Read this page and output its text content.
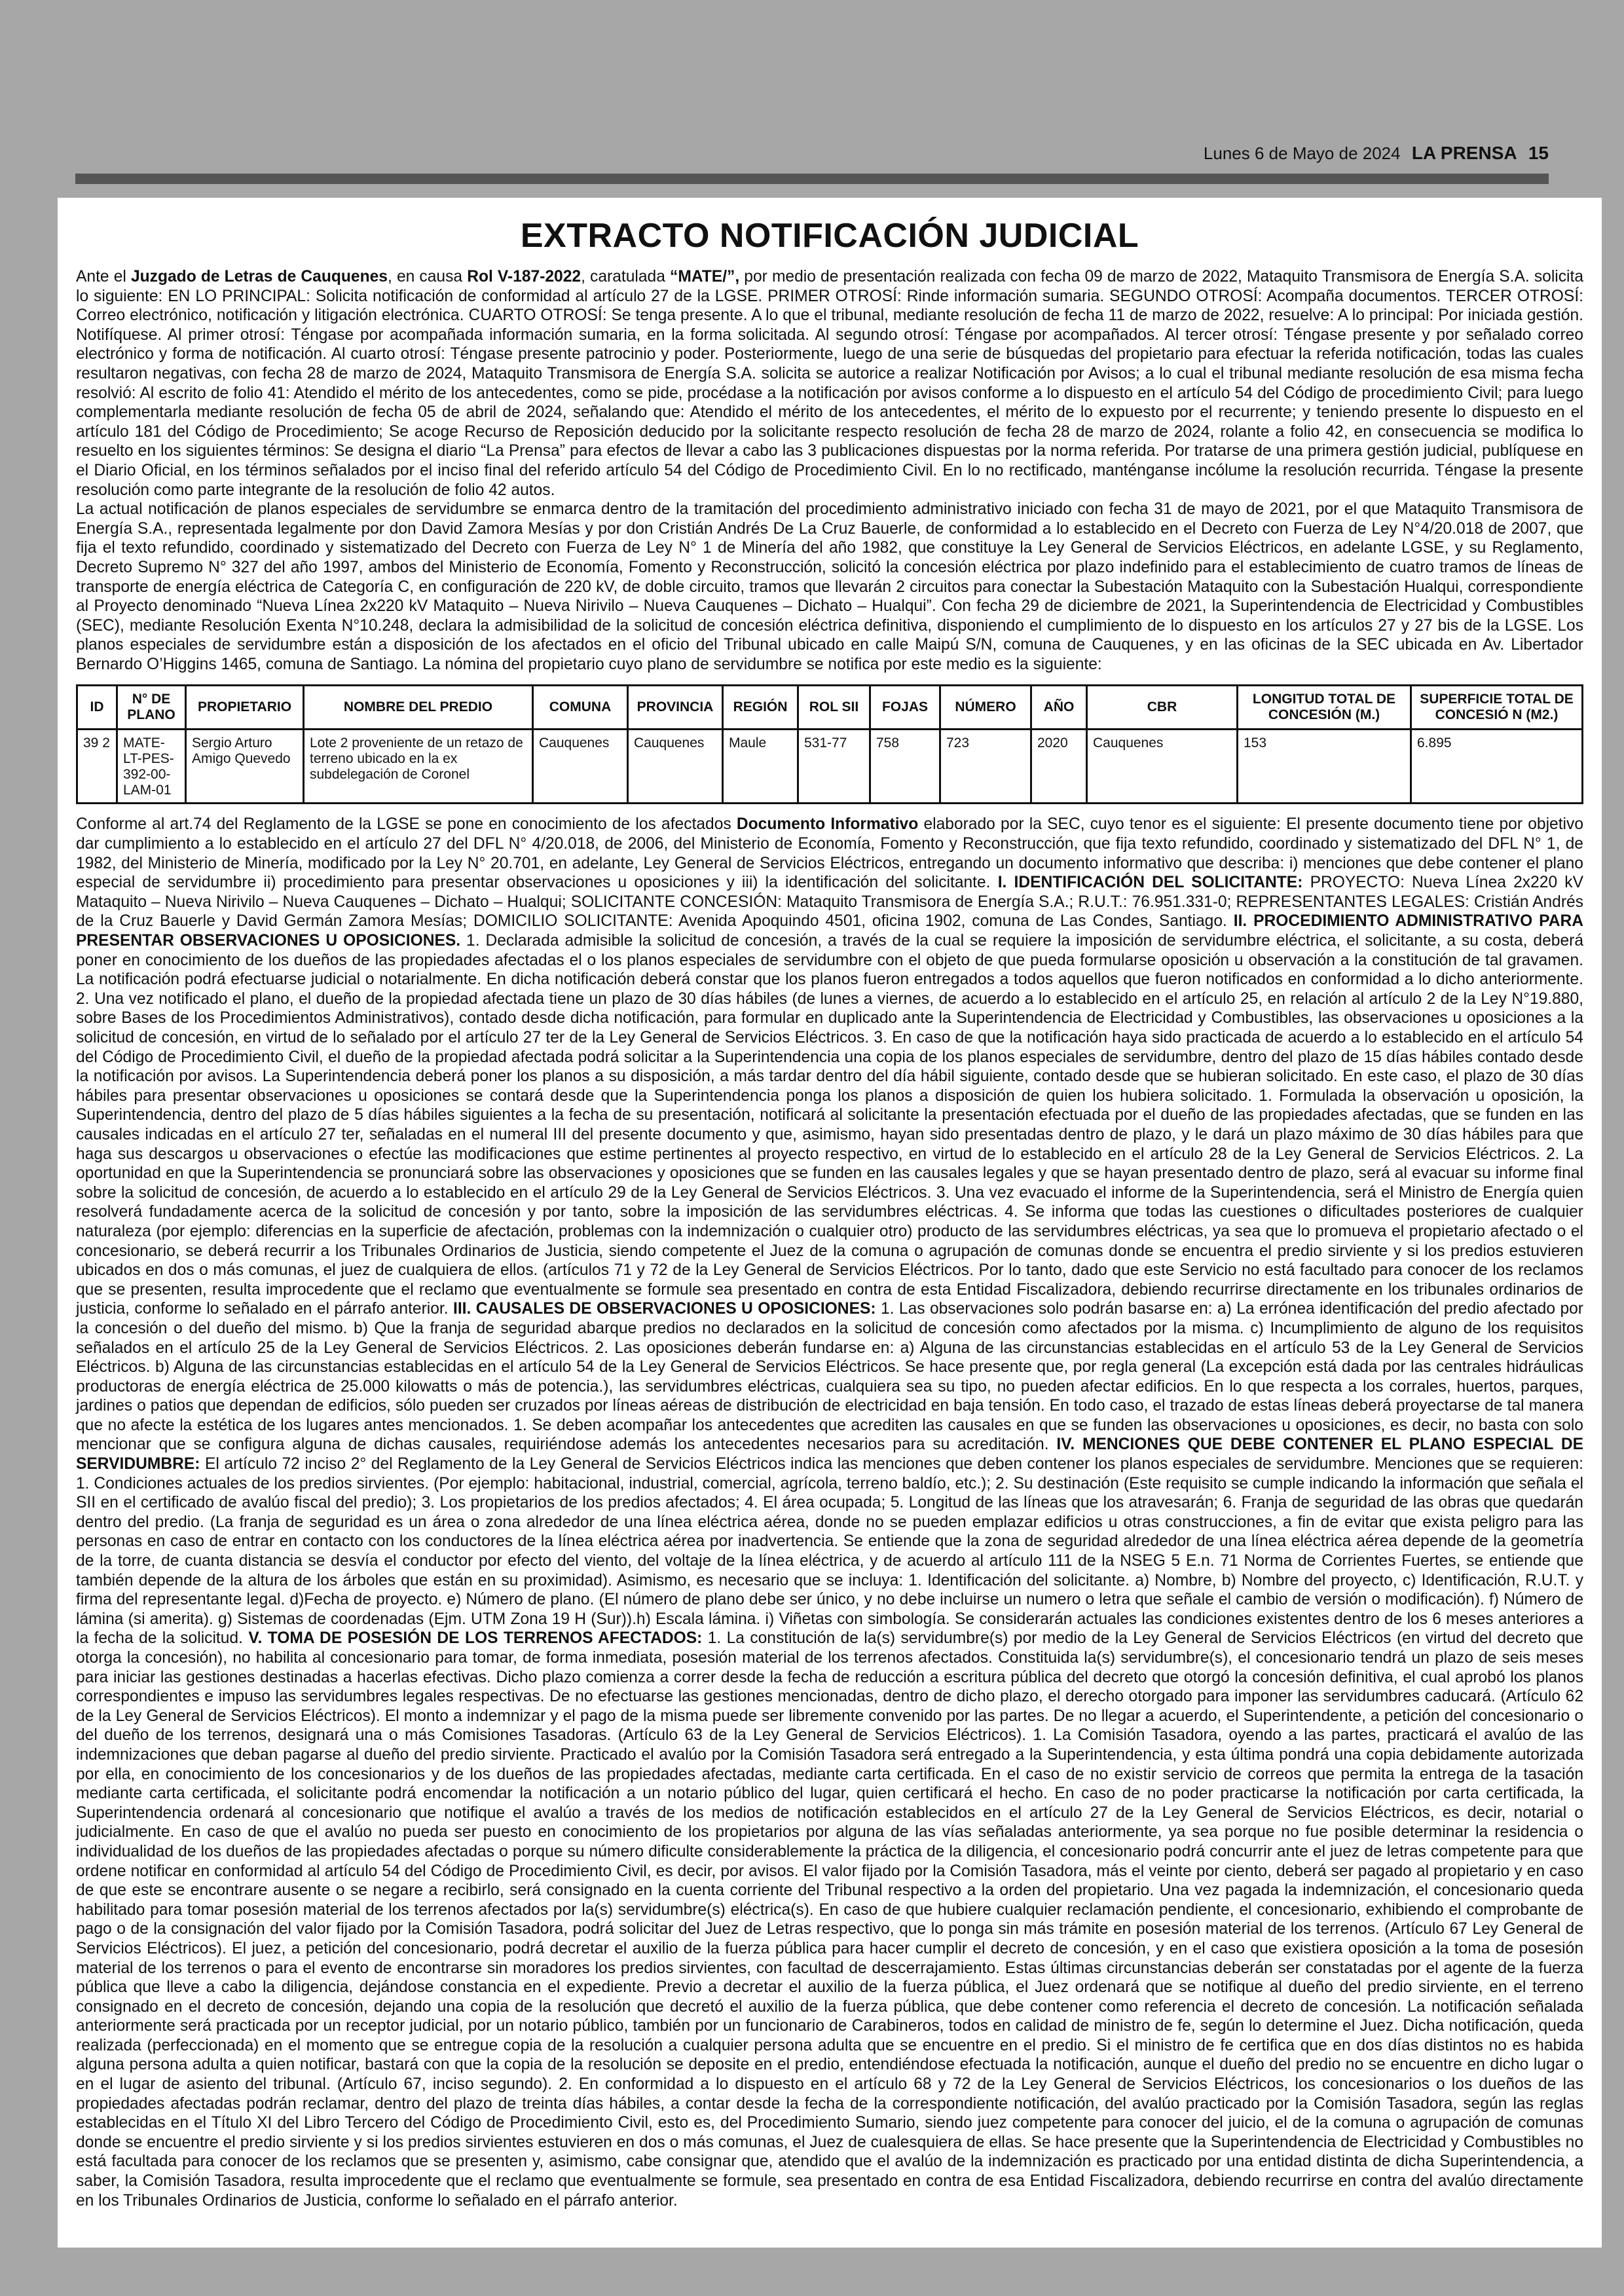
Lunes 6 de Mayo de 2024 LA PRENSA 15
EXTRACTO NOTIFICACIÓN JUDICIAL

Ante el Juzgado de Letras de Cauquenes, en causa Rol V-187-2022, caratulada “MATE/”, por medio de presentación realizada con fecha 09 de marzo de 2022, Mataquito Transmisora de Energía S.A. solicita lo siguiente: EN LO PRINCIPAL: Solicita notificación de conformidad al artículo 27 de la LGSE. PRIMER OTROSÍ: Rinde información sumaria. SEGUNDO OTROSÍ: Acompaña documentos. TERCER OTROSÍ: Correo electrónico, notificación y litigación electrónica. CUARTO OTROSÍ: Se tenga presente. A lo que el tribunal, mediante resolución de fecha 11 de marzo de 2022, resuelve: A lo principal: Por iniciada gestión. Notifíquese. Al primer otrosí: Téngase por acompañada información sumaria, en la forma solicitada. Al segundo otrosí: Téngase por acompañados. Al tercer otrosí: Téngase presente y por señalado correo electrónico y forma de notificación. Al cuarto otrosí: Téngase presente patrocinio y poder. Posteriormente, luego de una serie de búsquedas del propietario para efectuar la referida notificación, todas las cuales resultaron negativas, con fecha 28 de marzo de 2024, Mataquito Transmisora de Energía S.A. solicita se autorice a realizar Notificación por Avisos; a lo cual el tribunal mediante resolución de esa misma fecha resolvió: Al escrito de folio 41: Atendido el mérito de los antecedentes, como se pide, procédase a la notificación por avisos conforme a lo dispuesto en el artículo 54 del Código de procedimiento Civil; para luego complementarla mediante resolución de fecha 05 de abril de 2024, señalando que: Atendido el mérito de los antecedentes, el mérito de lo expuesto por el recurrente; y teniendo presente lo dispuesto en el artículo 181 del Código de Procedimiento; Se acoge Recurso de Reposición deducido por la solicitante respecto resolución de fecha 28 de marzo de 2024, rolante a folio 42, en consecuencia se modifica lo resuelto en los siguientes términos: Se designa el diario “La Prensa” para efectos de llevar a cabo las 3 publicaciones dispuestas por la norma referida. Por tratarse de una primera gestión judicial, publíquese en el Diario Oficial, en los términos señalados por el inciso final del referido artículo 54 del Código de Procedimiento Civil. En lo no rectificado, manténganse incólume la resolución recurrida. Téngase la presente resolución como parte integrante de la resolución de folio 42 autos.

La actual notificación de planos especiales de servidumbre se enmarca dentro de la tramitación del procedimiento administrativo iniciado con fecha 31 de mayo de 2021, por el que Mataquito Transmisora de Energía S.A., representada legalmente por don David Zamora Mesías y por don Cristián Andrés De La Cruz Bauerle, de conformidad a lo establecido en el Decreto con Fuerza de Ley N°4/20.018 de 2007, que fija el texto refundido, coordinado y sistematizado del Decreto con Fuerza de Ley N° 1 de Minería del año 1982, que constituye la Ley General de Servicios Eléctricos, en adelante LGSE, y su Reglamento, Decreto Supremo N° 327 del año 1997, ambos del Ministerio de Economía, Fomento y Reconstrucción, solicitó la concesión eléctrica por plazo indefinido para el establecimiento de cuatro tramos de líneas de transporte de energía eléctrica de Categoría C, en configuración de 220 kV, de doble circuito, tramos que llevarán 2 circuitos para conectar la Subestación Mataquito con la Subestación Hualqui, correspondiente al Proyecto denominado “Nueva Línea 2x220 kV Mataquito – Nueva Nirivilo – Nueva Cauquenes – Dichato – Hualqui”. Con fecha 29 de diciembre de 2021, la Superintendencia de Electricidad y Combustibles (SEC), mediante Resolución Exenta N°10.248, declara la admisibilidad de la solicitud de concesión eléctrica definitiva, disponiendo el cumplimiento de lo dispuesto en los artículos 27 y 27 bis de la LGSE. Los planos especiales de servidumbre están a disposición de los afectados en el oficio del Tribunal ubicado en calle Maipú S/N, comuna de Cauquenes, y en las oficinas de la SEC ubicada en Av. Libertador Bernardo O’Higgins 1465, comuna de Santiago. La nómina del propietario cuyo plano de servidumbre se notifica por este medio es la siguiente:

ID	N° DE PLANO	PROPIETARIO	NOMBRE DEL PREDIO	COMUNA	PROVINCIA	REGIÓN	ROL SII	FOJAS	NÚMERO	AÑO	CBR	LONGITUD TOTAL DE CONCESIÓN (M.)	SUPERFICIE TOTAL DE CONCESIÓ N (M2.)
39 2	MATE-LT-PES- 392-00-LAM-01	Sergio Arturo Amigo Quevedo	Lote 2 proveniente de un retazo de terreno ubicado en la ex subdelegación de Coronel	Cauquenes	Cauquenes	Maule	531-77	758	723	2020	Cauquenes	153	6.895

Conforme al art.74 del Reglamento de la LGSE se pone en conocimiento de los afectados Documento Informativo elaborado por la SEC, cuyo tenor es el siguiente: El presente documento tiene por objetivo dar cumplimiento a lo establecido en el artículo 27 del DFL N° 4/20.018, de 2006, del Ministerio de Economía, Fomento y Reconstrucción, que fija texto refundido, coordinado y sistematizado del DFL N° 1, de 1982, del Ministerio de Minería, modificado por la Ley N° 20.701, en adelante, Ley General de Servicios Eléctricos, entregando un documento informativo que describa: i) menciones que debe contener el plano especial de servidumbre ii) procedimiento para presentar observaciones u oposiciones y iii) la identificación del solicitante. I. IDENTIFICACIÓN DEL SOLICITANTE: PROYECTO: Nueva Línea 2x220 kV Mataquito – Nueva Nirivilo – Nueva Cauquenes – Dichato – Hualqui; SOLICITANTE CONCESIÓN: Mataquito Transmisora de Energía S.A.; R.U.T.: 76.951.331-0; REPRESENTANTES LEGALES: Cristián Andrés de la Cruz Bauerle y David Germán Zamora Mesías; DOMICILIO SOLICITANTE: Avenida Apoquindo 4501, oficina 1902, comuna de Las Condes, Santiago. II. PROCEDIMIENTO ADMINISTRATIVO PARA PRESENTAR OBSERVACIONES U OPOSICIONES. 1. Declarada admisible la solicitud de concesión, a través de la cual se requiere la imposición de servidumbre eléctrica, el solicitante, a su costa, deberá poner en conocimiento de los dueños de las propiedades afectadas el o los planos especiales de servidumbre con el objeto de que pueda formularse oposición u observación a la constitución de tal gravamen. La notificación podrá efectuarse judicial o notarialmente. En dicha notificación deberá constar que los planos fueron entregados a todos aquellos que fueron notificados en conformidad a lo dicho anteriormente. 2. Una vez notificado el plano, el dueño de la propiedad afectada tiene un plazo de 30 días hábiles (de lunes a viernes, de acuerdo a lo establecido en el artículo 25, en relación al artículo 2 de la Ley N°19.880, sobre Bases de los Procedimientos Administrativos), contado desde dicha notificación, para formular en duplicado ante la Superintendencia de Electricidad y Combustibles, las observaciones u oposiciones a la solicitud de concesión, en virtud de lo señalado por el artículo 27 ter de la Ley General de Servicios Eléctricos. 3. En caso de que la notificación haya sido practicada de acuerdo a lo establecido en el artículo 54 del Código de Procedimiento Civil, el dueño de la propiedad afectada podrá solicitar a la Superintendencia una copia de los planos especiales de servidumbre, dentro del plazo de 15 días hábiles contado desde la notificación por avisos. La Superintendencia deberá poner los planos a su disposición, a más tardar dentro del día hábil siguiente, contado desde que se hubieran solicitado. En este caso, el plazo de 30 días hábiles para presentar observaciones u oposiciones se contará desde que la Superintendencia ponga los planos a disposición de quien los hubiera solicitado. 1. Formulada la observación u oposición, la Superintendencia, dentro del plazo de 5 días hábiles siguientes a la fecha de su presentación, notificará al solicitante la presentación efectuada por el dueño de las propiedades afectadas, que se funden en las causales indicadas en el artículo 27 ter, señaladas en el numeral III del presente documento y que, asimismo, hayan sido presentadas dentro de plazo, y le dará un plazo máximo de 30 días hábiles para que haga sus descargos u observaciones o efectúe las modificaciones que estime pertinentes al proyecto respectivo, en virtud de lo establecido en el artículo 28 de la Ley General de Servicios Eléctricos. 2. La oportunidad en que la Superintendencia se pronunciará sobre las observaciones y oposiciones que se funden en las causales legales y que se hayan presentado dentro de plazo, será al evacuar su informe final sobre la solicitud de concesión, de acuerdo a lo establecido en el artículo 29 de la Ley General de Servicios Eléctricos. 3. Una vez evacuado el informe de la Superintendencia, será el Ministro de Energía quien resolverá fundadamente acerca de la solicitud de concesión y por tanto, sobre la imposición de las servidumbres eléctricas. 4. Se informa que todas las cuestiones o dificultades posteriores de cualquier naturaleza (por ejemplo: diferencias en la superficie de afectación, problemas con la indemnización o cualquier otro) producto de las servidumbres eléctricas, ya sea que lo promueva el propietario afectado o el concesionario, se deberá recurrir a los Tribunales Ordinarios de Justicia, siendo competente el Juez de la comuna o agrupación de comunas donde se encuentra el predio sirviente y si los predios estuvieren ubicados en dos o más comunas, el juez de cualquiera de ellos. (artículos 71 y 72 de la Ley General de Servicios Eléctricos. Por lo tanto, dado que este Servicio no está facultado para conocer de los reclamos que se presenten, resulta improcedente que el reclamo que eventualmente se formule sea presentado en contra de esta Entidad Fiscalizadora, debiendo recurrirse directamente en los tribunales ordinarios de justicia, conforme lo señalado en el párrafo anterior. III. CAUSALES DE OBSERVACIONES U OPOSICIONES: 1. Las observaciones solo podrán basarse en: a) La errónea identificación del predio afectado por la concesión o del dueño del mismo. b) Que la franja de seguridad abarque predios no declarados en la solicitud de concesión como afectados por la misma. c) Incumplimiento de alguno de los requisitos señalados en el artículo 25 de la Ley General de Servicios Eléctricos. 2. Las oposiciones deberán fundarse en: a) Alguna de las circunstancias establecidas en el artículo 53 de la Ley General de Servicios Eléctricos. b) Alguna de las circunstancias establecidas en el artículo 54 de la Ley General de Servicios Eléctricos. Se hace presente que, por regla general (La excepción está dada por las centrales hidráulicas productoras de energía eléctrica de 25.000 kilowatts o más de potencia.), las servidumbres eléctricas, cualquiera sea su tipo, no pueden afectar edificios. En lo que respecta a los corrales, huertos, parques, jardines o patios que dependan de edificios, sólo pueden ser cruzados por líneas aéreas de distribución de electricidad en baja tensión. En todo caso, el trazado de estas líneas deberá proyectarse de tal manera que no afecte la estética de los lugares antes mencionados. 1. Se deben acompañar los antecedentes que acrediten las causales en que se funden las observaciones u oposiciones, es decir, no basta con solo mencionar que se configura alguna de dichas causales, requiriéndose además los antecedentes necesarios para su acreditación. IV. MENCIONES QUE DEBE CONTENER EL PLANO ESPECIAL DE SERVIDUMBRE: El artículo 72 inciso 2° del Reglamento de la Ley General de Servicios Eléctricos indica las menciones que deben contener los planos especiales de servidumbre. Menciones que se requieren: 1. Condiciones actuales de los predios sirvientes. (Por ejemplo: habitacional, industrial, comercial, agrícola, terreno baldío, etc.); 2. Su destinación (Este requisito se cumple indicando la información que señala el SII en el certificado de avalúo fiscal del predio); 3. Los propietarios de los predios afectados; 4. El área ocupada; 5. Longitud de las líneas que los atravesarán; 6. Franja de seguridad de las obras que quedarán dentro del predio. (La franja de seguridad es un área o zona alrededor de una línea eléctrica aérea, donde no se pueden emplazar edificios u otras construcciones, a fin de evitar que exista peligro para las personas en caso de entrar en contacto con los conductores de la línea eléctrica aérea por inadvertencia. Se entiende que la zona de seguridad alrededor de una línea eléctrica aérea depende de la geometría de la torre, de cuanta distancia se desvía el conductor por efecto del viento, del voltaje de la línea eléctrica, y de acuerdo al artículo 111 de la NSEG 5 E.n. 71 Norma de Corrientes Fuertes, se entiende que también depende de la altura de los árboles que están en su proximidad). Asimismo, es necesario que se incluya: 1. Identificación del solicitante. a) Nombre, b) Nombre del proyecto, c) Identificación, R.U.T. y firma del representante legal. d)Fecha de proyecto. e) Número de plano. (El número de plano debe ser único, y no debe incluirse un numero o letra que señale el cambio de versión o modificación). f) Número de lámina (si amerita). g) Sistemas de coordenadas (Ejm. UTM Zona 19 H (Sur)).h) Escala lámina. i) Viñetas con simbología. Se considerarán actuales las condiciones existentes dentro de los 6 meses anteriores a la fecha de la solicitud. V. TOMA DE POSESIÓN DE LOS TERRENOS AFECTADOS: 1. La constitución de la(s) servidumbre(s) por medio de la Ley General de Servicios Eléctricos (en virtud del decreto que otorga la concesión), no habilita al concesionario para tomar, de forma inmediata, posesión material de los terrenos afectados. Constituida la(s) servidumbre(s), el concesionario tendrá un plazo de seis meses para iniciar las gestiones destinadas a hacerlas efectivas. Dicho plazo comienza a correr desde la fecha de reducción a escritura pública del decreto que otorgó la concesión definitiva, el cual aprobó los planos correspondientes e impuso las servidumbres legales respectivas. De no efectuarse las gestiones mencionadas, dentro de dicho plazo, el derecho otorgado para imponer las servidumbres caducará. (Artículo 62 de la Ley General de Servicios Eléctricos). El monto a indemnizar y el pago de la misma puede ser libremente convenido por las partes. De no llegar a acuerdo, el Superintendente, a petición del concesionario o del dueño de los terrenos, designará una o más Comisiones Tasadoras. (Artículo 63 de la Ley General de Servicios Eléctricos). 1. La Comisión Tasadora, oyendo a las partes, practicará el avalúo de las indemnizaciones que deban pagarse al dueño del predio sirviente. Practicado el avalúo por la Comisión Tasadora será entregado a la Superintendencia, y esta última pondrá una copia debidamente autorizada por ella, en conocimiento de los concesionarios y de los dueños de las propiedades afectadas, mediante carta certificada. En el caso de no existir servicio de correos que permita la entrega de la tasación mediante carta certificada, el solicitante podrá encomendar la notificación a un notario público del lugar, quien certificará el hecho. En caso de no poder practicarse la notificación por carta certificada, la Superintendencia ordenará al concesionario que notifique el avalúo a través de los medios de notificación establecidos en el artículo 27 de la Ley General de Servicios Eléctricos, es decir, notarial o judicialmente. En caso de que el avalúo no pueda ser puesto en conocimiento de los propietarios por alguna de las vías señaladas anteriormente, ya sea porque no fue posible determinar la residencia o individualidad de los dueños de las propiedades afectadas o porque su número dificulte considerablemente la práctica de la diligencia, el concesionario podrá concurrir ante el juez de letras competente para que ordene notificar en conformidad al artículo 54 del Código de Procedimiento Civil, es decir, por avisos. El valor fijado por la Comisión Tasadora, más el veinte por ciento, deberá ser pagado al propietario y en caso de que este se encontrare ausente o se negare a recibirlo, será consignado en la cuenta corriente del Tribunal respectivo a la orden del propietario. Una vez pagada la indemnización, el concesionario queda habilitado para tomar posesión material de los terrenos afectados por la(s) servidumbre(s) eléctrica(s). En caso de que hubiere cualquier reclamación pendiente, el concesionario, exhibiendo el comprobante de pago o de la consignación del valor fijado por la Comisión Tasadora, podrá solicitar del Juez de Letras respectivo, que lo ponga sin más trámite en posesión material de los terrenos. (Artículo 67 Ley General de Servicios Eléctricos). El juez, a petición del concesionario, podrá decretar el auxilio de la fuerza pública para hacer cumplir el decreto de concesión, y en el caso que existiera oposición a la toma de posesión material de los terrenos o para el evento de encontrarse sin moradores los predios sirvientes, con facultad de descerrajamiento. Estas últimas circunstancias deberán ser constatadas por el agente de la fuerza pública que lleve a cabo la diligencia, dejándose constancia en el expediente. Previo a decretar el auxilio de la fuerza pública, el Juez ordenará que se notifique al dueño del predio sirviente, en el terreno consignado en el decreto de concesión, dejando una copia de la resolución que decretó el auxilio de la fuerza pública, que debe contener como referencia el decreto de concesión. La notificación señalada anteriormente será practicada por un receptor judicial, por un notario público, también por un funcionario de Carabineros, todos en calidad de ministro de fe, según lo determine el Juez. Dicha notificación, queda realizada (perfeccionada) en el momento que se entregue copia de la resolución a cualquier persona adulta que se encuentre en el predio. Si el ministro de fe certifica que en dos días distintos no es habida alguna persona adulta a quien notificar, bastará con que la copia de la resolución se deposite en el predio, entendiéndose efectuada la notificación, aunque el dueño del predio no se encuentre en dicho lugar o en el lugar de asiento del tribunal. (Artículo 67, inciso segundo). 2. En conformidad a lo dispuesto en el artículo 68 y 72 de la Ley General de Servicios Eléctricos, los concesionarios o los dueños de las propiedades afectadas podrán reclamar, dentro del plazo de treinta días hábiles, a contar desde la fecha de la correspondiente notificación, del avalúo practicado por la Comisión Tasadora, según las reglas establecidas en el Título XI del Libro Tercero del Código de Procedimiento Civil, esto es, del Procedimiento Sumario, siendo juez competente para conocer del juicio, el de la comuna o agrupación de comunas donde se encuentre el predio sirviente y si los predios sirvientes estuvieren en dos o más comunas, el Juez de cualesquiera de ellas. Se hace presente que la Superintendencia de Electricidad y Combustibles no está facultada para conocer de los reclamos que se presenten y, asimismo, cabe consignar que, atendido que el avalúo de la indemnización es practicado por una entidad distinta de dicha Superintendencia, a saber, la Comisión Tasadora, resulta improcedente que el reclamo que eventualmente se formule, sea presentado en contra de esa Entidad Fiscalizadora, debiendo recurrirse en contra del avalúo directamente en los Tribunales Ordinarios de Justicia, conforme lo señalado en el párrafo anterior.
